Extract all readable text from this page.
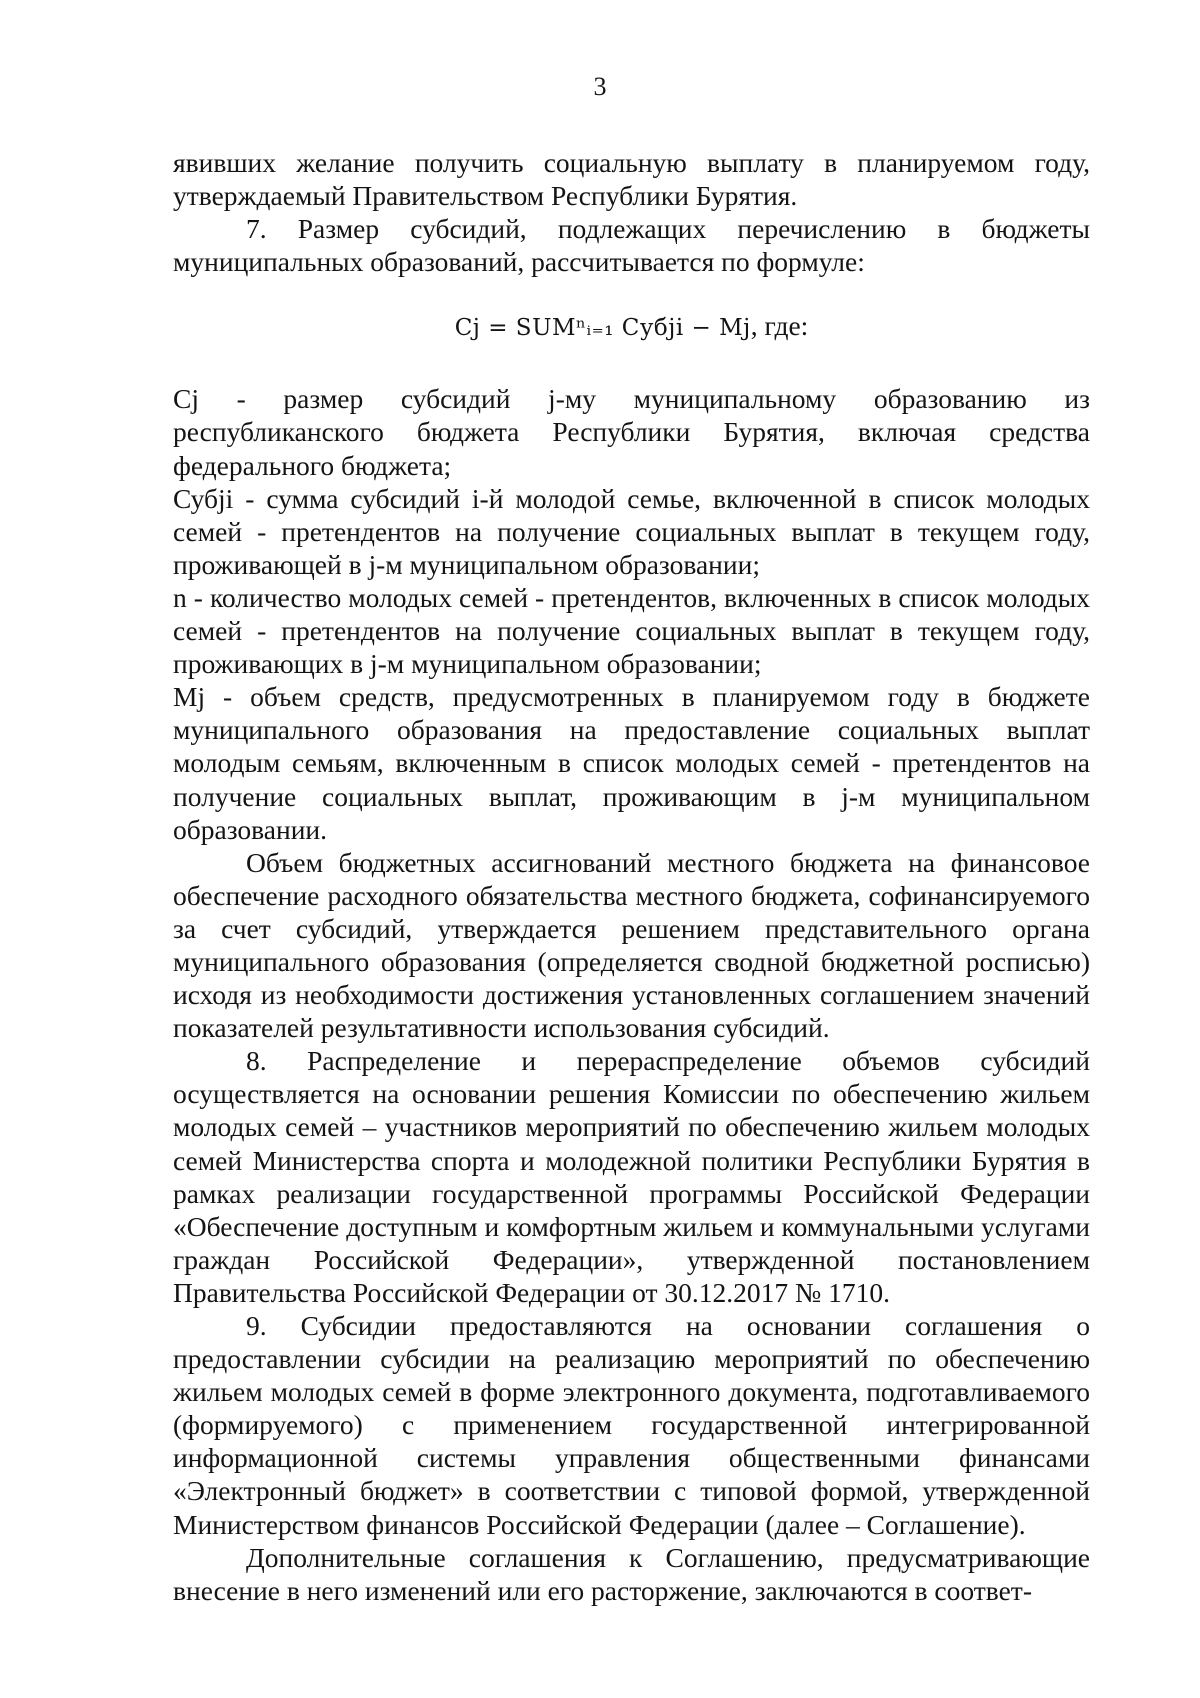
3

явивших желание получить социальную выплату в планируемом году, утверждаемый Правительством Республики Бурятия.

7. Размер субсидий, подлежащих перечислению в бюджеты муниципальных образований, рассчитывается по формуле:

Cj = SUMⁿᵢ₌₁ Субji − Mj, где:

Cj - размер субсидий j-му муниципальному образованию из республиканского бюджета Республики Бурятия, включая средства федерального бюджета;

Субji - сумма субсидий i-й молодой семье, включенной в список молодых семей - претендентов на получение социальных выплат в текущем году, проживающей в j-м муниципальном образовании;

n - количество молодых семей - претендентов, включенных в список молодых семей - претендентов на получение социальных выплат в текущем году, проживающих в j-м муниципальном образовании;

Mj - объем средств, предусмотренных в планируемом году в бюджете муниципального образования на предоставление социальных выплат молодым семьям, включенным в список молодых семей - претендентов на получение социальных выплат, проживающим в j-м муниципальном образовании.

Объем бюджетных ассигнований местного бюджета на финансовое обеспечение расходного обязательства местного бюджета, софинансируемого за счет субсидий, утверждается решением представительного органа муниципального образования (определяется сводной бюджетной росписью) исходя из необходимости достижения установленных соглашением значений показателей результативности использования субсидий.

8. Распределение и перераспределение объемов субсидий осуществляется на основании решения Комиссии по обеспечению жильем молодых семей – участников мероприятий по обеспечению жильем молодых семей Министерства спорта и молодежной политики Республики Бурятия в рамках реализации государственной программы Российской Федерации «Обеспечение доступным и комфортным жильем и коммунальными услугами граждан Российской Федерации», утвержденной постановлением Правительства Российской Федерации от 30.12.2017 № 1710.

9. Субсидии предоставляются на основании соглашения о предоставлении субсидии на реализацию мероприятий по обеспечению жильем молодых семей в форме электронного документа, подготавливаемого (формируемого) с применением государственной интегрированной информационной системы управления общественными финансами «Электронный бюджет» в соответствии с типовой формой, утвержденной Министерством финансов Российской Федерации (далее – Соглашение).

Дополнительные соглашения к Соглашению, предусматривающие внесение в него изменений или его расторжение, заключаются в соответ-
